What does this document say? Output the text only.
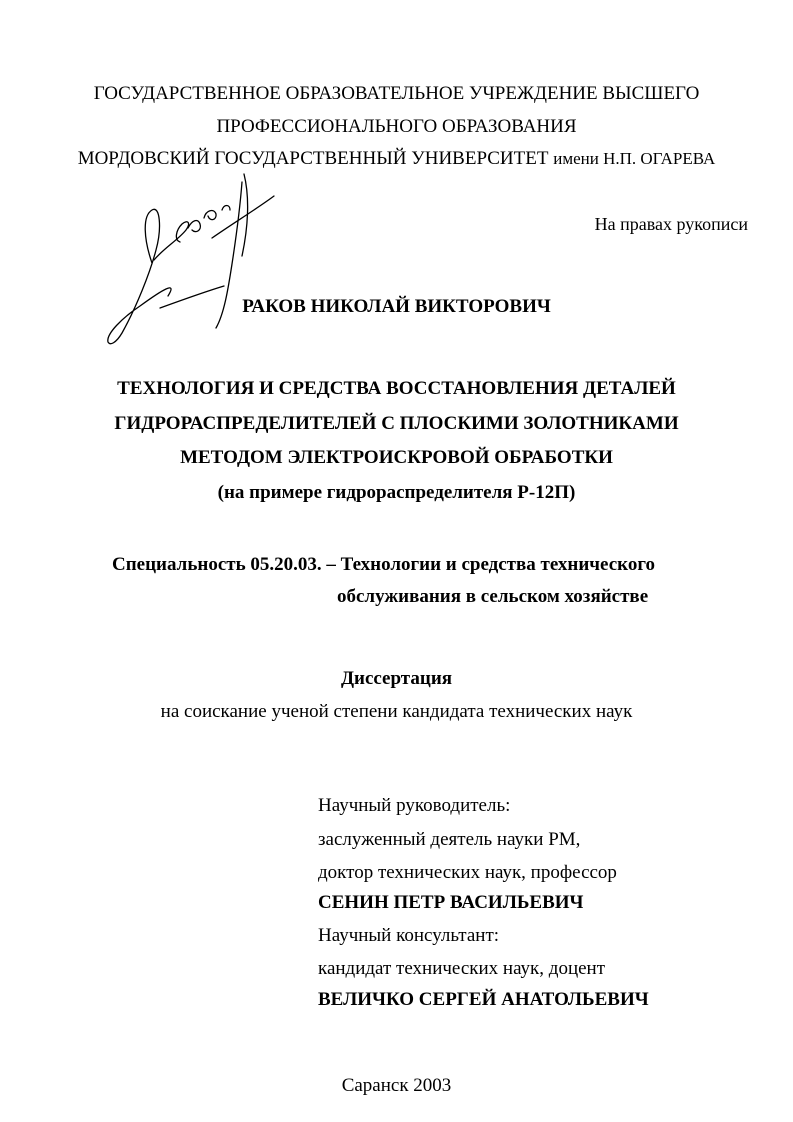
ГОСУДАРСТВЕННОЕ ОБРАЗОВАТЕЛЬНОЕ УЧРЕЖДЕНИЕ ВЫСШЕГО
ПРОФЕССИОНАЛЬНОГО ОБРАЗОВАНИЯ
МОРДОВСКИЙ ГОСУДАРСТВЕННЫЙ УНИВЕРСИТЕТ имени Н.П. ОГАРЕВА
На правах рукописи
РАКОВ НИКОЛАЙ ВИКТОРОВИЧ
ТЕХНОЛОГИЯ И СРЕДСТВА ВОССТАНОВЛЕНИЯ ДЕТАЛЕЙ
ГИДРОРАСПРЕДЕЛИТЕЛЕЙ С ПЛОСКИМИ ЗОЛОТНИКАМИ
МЕТОДОМ ЭЛЕКТРОИСКРОВОЙ ОБРАБОТКИ
(на примере гидрораспределителя Р-12П)
Специальность 05.20.03. – Технологии и средства технического
обслуживания в сельском хозяйстве
Диссертация
на соискание ученой степени кандидата технических наук
Научный руководитель:
заслуженный деятель науки РМ,
доктор технических наук, профессор
СЕНИН ПЕТР ВАСИЛЬЕВИЧ
Научный консультант:
кандидат технических наук, доцент
ВЕЛИЧКО СЕРГЕЙ АНАТОЛЬЕВИЧ
Саранск 2003
